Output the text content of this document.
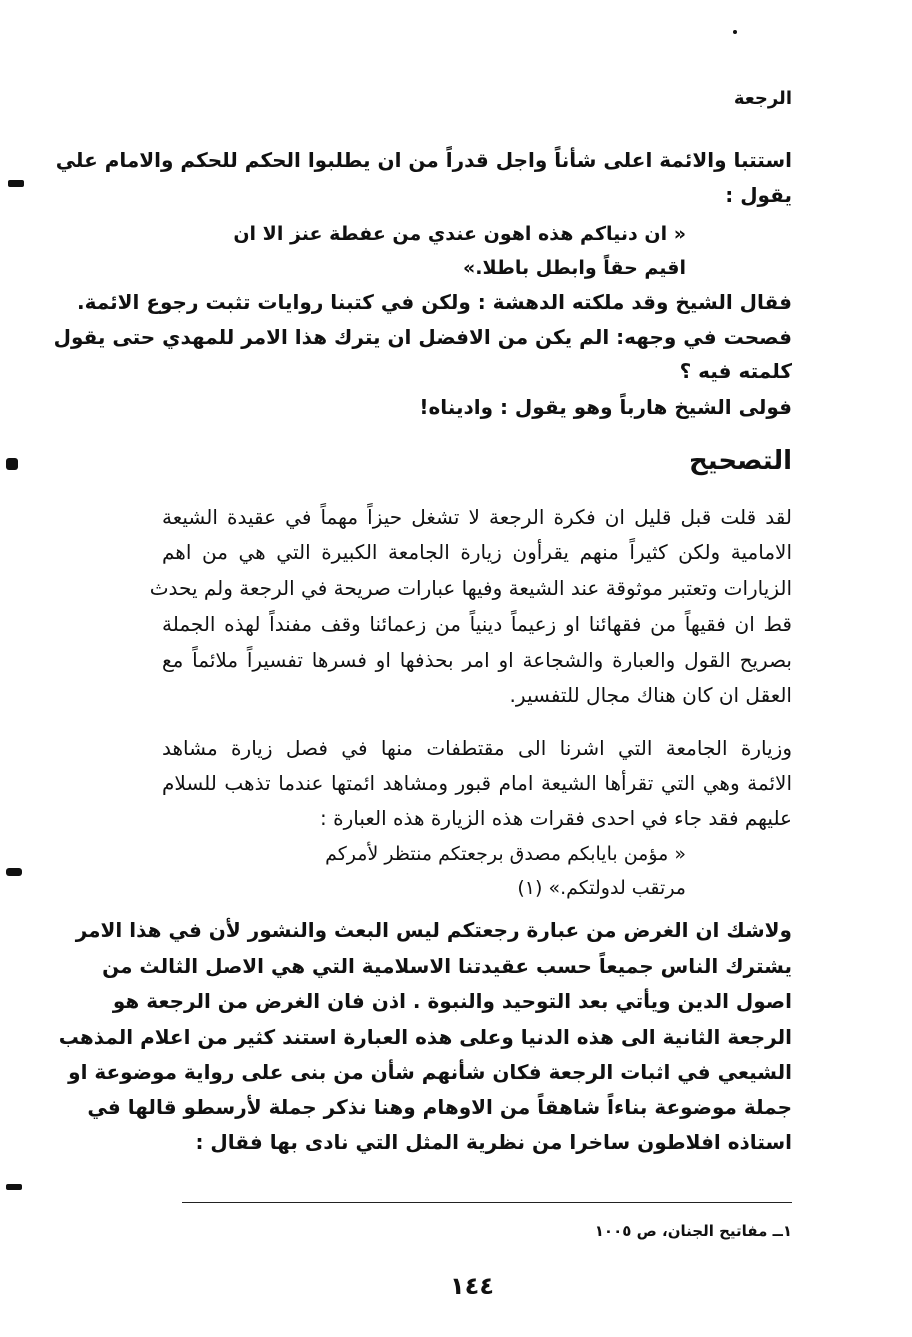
الرجعة
استتبا والائمة اعلى شأناً واجل قدراً من ان يطلبوا الحكم للحكم والامام علي
يقول :
« ان دنياكم هذه اهون عندي من عفطة عنز الا ان
اقيم حقاً وابطل باطلا.»
فقال الشيخ وقد ملكته الدهشة : ولكن في كتبنا روايات تثبت رجوع الائمة.
فصحت في وجهه: الم يكن من الافضل ان يترك هذا الامر للمهدي حتى يقول
كلمته فيه ؟
فولى الشيخ هارباً وهو يقول : وادينا‌ه!
التصحيح
لقد قلت قبل قليل ان فكرة الرجعة لا تشغل حيزاً مهماً في عقيدة الشيعة
الامامية ولكن كثيراً منهم يقرأون زيارة الجامعة الكبيرة التي هي من اهم
الزيارات وتعتبر موثوقة عند الشيعة وفيها عبارات صريحة في الرجعة ولم يحدث
قط ان فقيهاً من فقهائنا او زعيماً دينياً من زعمائنا وقف مفنداً لهذه الجملة
بصريح القول والعبارة والشجاعة او امر بحذفها او فسرها تفسيراً ملائماً مع
العقل ان كان هناك مجال للتفسير.
وزيارة الجامعة التي اشرنا الى مقتطفات منها في فصل زيارة مشاهد
الائمة وهي التي تقرأها الشيعة امام قبور ومشاهد ائمتها عندما تذهب للسلام
عليهم فقد جاء في احدى فقرات هذه الزيارة هذه العبارة :
« مؤمن بايابكم مصدق برجعتكم منتظر لأمركم
مرتقب لدولتكم.» (١)
ولاشك ان الغرض من عبارة رجعتكم ليس البعث والنشور لأن في هذا الامر
يشترك الناس جميعاً حسب عقيدتنا الاسلامية التي هي الاصل الثالث من
اصول الدين ويأتي بعد التوحيد والنبوة . اذن فان الغرض من الرجعة هو
الرجعة الثانية الى هذه الدنيا وعلى هذه العبارة استند كثير من اعلام المذهب
الشيعي في اثبات الرجعة فكان شأنهم شأن من بنى على رواية موضوعة او
جملة موضوعة بناءاً شاهقاً من الاوهام وهنا نذكر جملة لأرسطو قالها في
استاذه افلاطون ساخرا من نظرية المثل التي نادى بها فقال :
١ــ مفاتيح الجنان، ص ١٠٠٥
١٤٤
